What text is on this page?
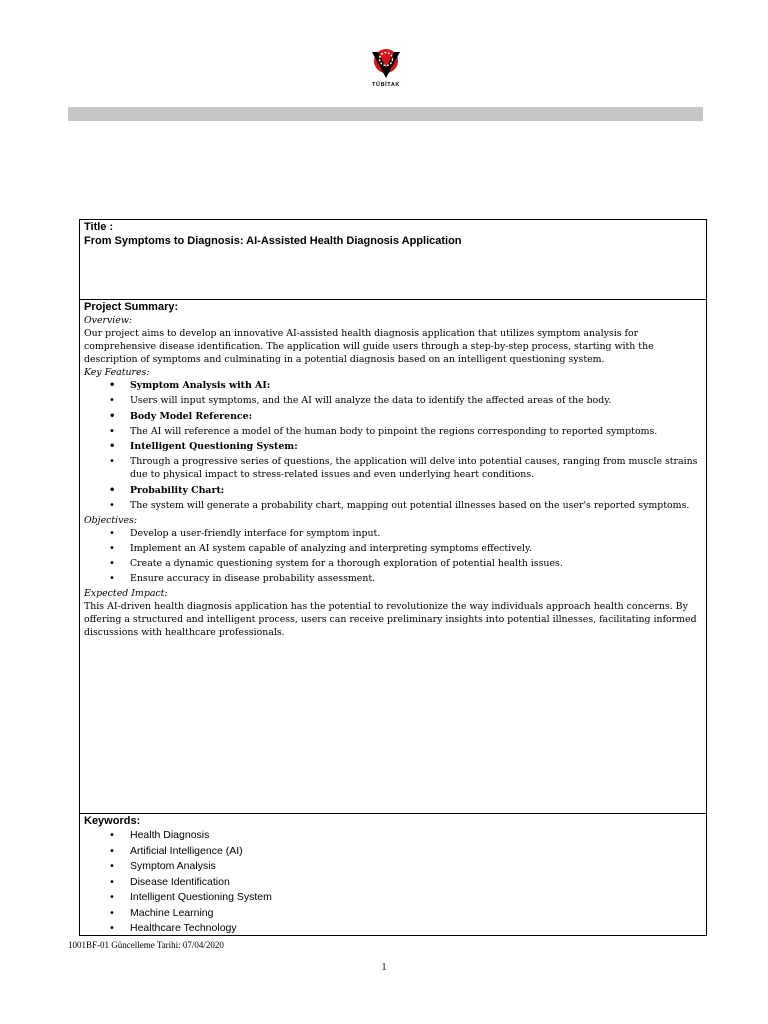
TÜBİTAK
Title :
From Symptoms to Diagnosis: AI-Assisted Health Diagnosis Application
Project Summary:
Overview:

Our project aims to develop an innovative AI-assisted health diagnosis application that utilizes symptom analysis for comprehensive disease identification. The application will guide users through a step-by-step process, starting with the description of symptoms and culminating in a potential diagnosis based on an intelligent questioning system.

Key Features:
• Symptom Analysis with AI:
• Users will input symptoms, and the AI will analyze the data to identify the affected areas of the body.
• Body Model Reference:
• The AI will reference a model of the human body to pinpoint the regions corresponding to reported symptoms.
• Intelligent Questioning System:
• Through a progressive series of questions, the application will delve into potential causes, ranging from muscle strains due to physical impact to stress-related issues and even underlying heart conditions.
• Probability Chart:
• The system will generate a probability chart, mapping out potential illnesses based on the user's reported symptoms.
Objectives:
• Develop a user-friendly interface for symptom input.
• Implement an AI system capable of analyzing and interpreting symptoms effectively.
• Create a dynamic questioning system for a thorough exploration of potential health issues.
• Ensure accuracy in disease probability assessment.
Expected Impact:

This AI-driven health diagnosis application has the potential to revolutionize the way individuals approach health concerns. By offering a structured and intelligent process, users can receive preliminary insights into potential illnesses, facilitating informed discussions with healthcare professionals.

Keywords:
• Health Diagnosis
• Artificial Intelligence (AI)
• Symptom Analysis
• Disease Identification
• Intelligent Questioning System
• Machine Learning
• Healthcare Technology
1001BF-01 Güncelleme Tarihi: 07/04/2020
1
